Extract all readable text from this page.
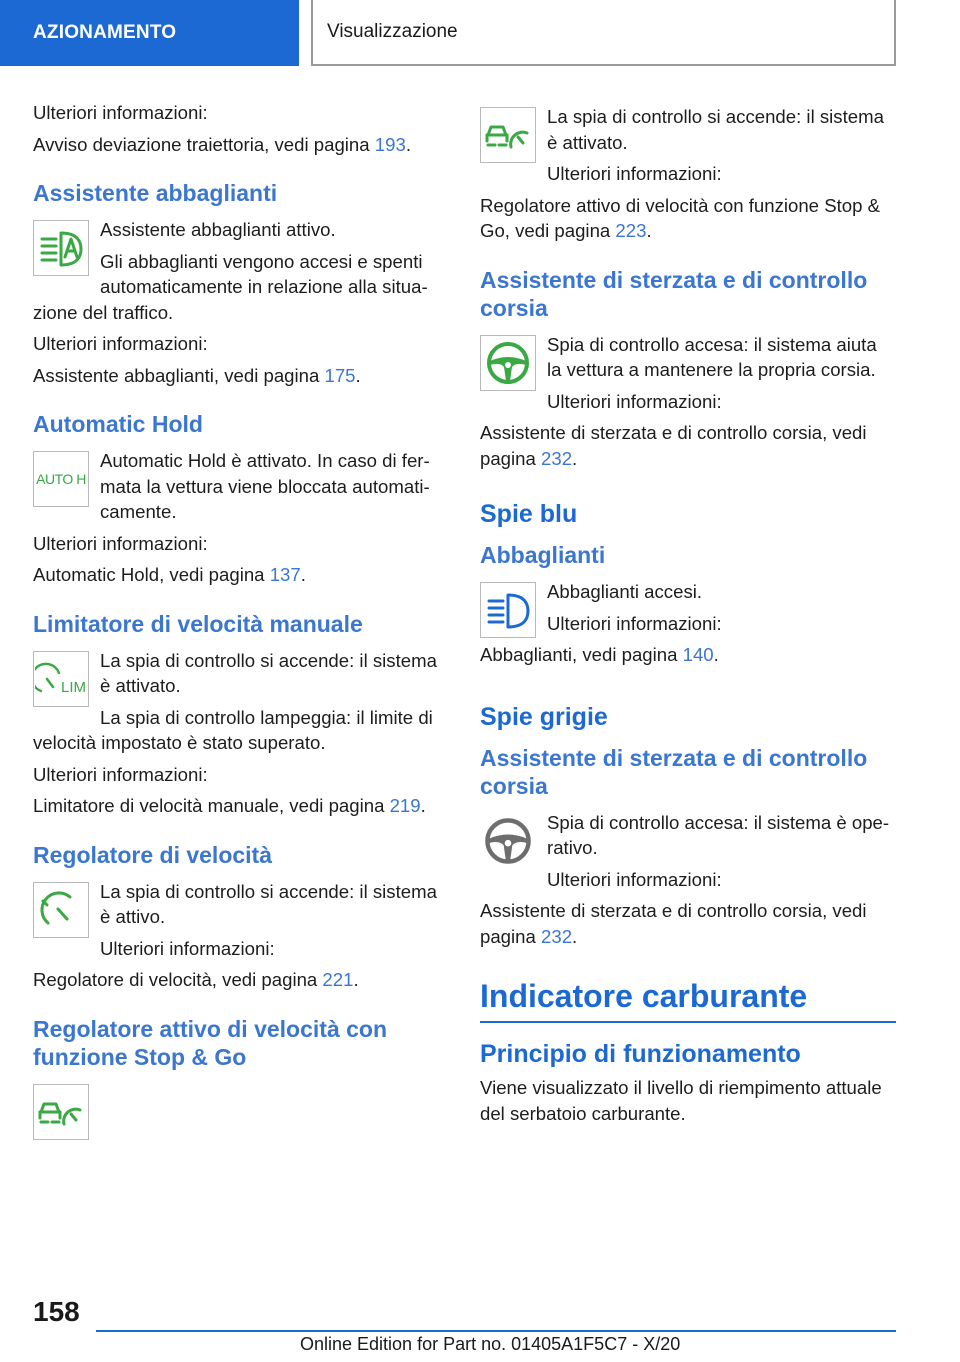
AZIONAMENTO	Visualizzazione

Ulteriori informazioni:

Avviso deviazione traiettoria, vedi pagina 193.

Assistente abbaglianti

Assistente abbaglianti attivo.

Gli abbaglianti vengono accesi e spenti automaticamente in relazione alla situa-zione del traffico.

Ulteriori informazioni:

Assistente abbaglianti, vedi pagina 175.

Automatic Hold
AUTO H

Automatic Hold è attivato. In caso di fer-mata la vettura viene bloccata automati-camente.

Ulteriori informazioni:

Automatic Hold, vedi pagina 137.

Limitatore di velocità manuale
LIM

La spia di controllo si accende: il sistema è attivato.

La spia di controllo lampeggia: il limite di velocità impostato è stato superato.

Ulteriori informazioni:

Limitatore di velocità manuale, vedi pagina 219.

Regolatore di velocità

La spia di controllo si accende: il sistema è attivo.

Ulteriori informazioni:

Regolatore di velocità, vedi pagina 221.

Regolatore attivo di velocità con funzione Stop & Go

La spia di controllo si accende: il sistema è attivato.

Ulteriori informazioni:

Regolatore attivo di velocità con funzione Stop & Go, vedi pagina 223.

Assistente di sterzata e di controllo corsia

Spia di controllo accesa: il sistema aiuta la vettura a mantenere la propria corsia.

Ulteriori informazioni:

Assistente di sterzata e di controllo corsia, vedi pagina 232.

Spie blu
Abbaglianti

Abbaglianti accesi.

Ulteriori informazioni:

Abbaglianti, vedi pagina 140.

Spie grigie
Assistente di sterzata e di controllo corsia

Spia di controllo accesa: il sistema è ope-rativo.

Ulteriori informazioni:

Assistente di sterzata e di controllo corsia, vedi pagina 232.

Indicatore carburante
Principio di funzionamento

Viene visualizzato il livello di riempimento attuale del serbatoio carburante.

158
Online Edition for Part no. 01405A1F5C7 - X/20
